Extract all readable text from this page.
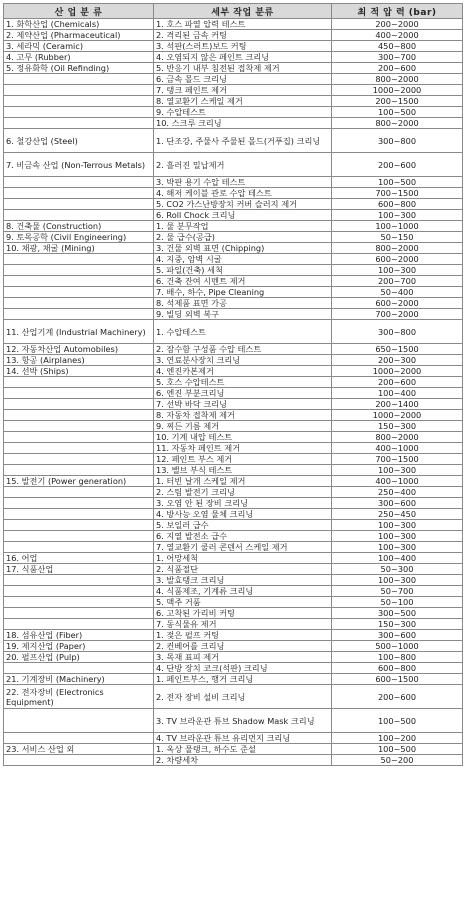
산 업 분 류	세부 작업 분류	최 적 압 력 (bar)
1. 화학산업 (Chemicals)	1. 호스 파열 압력 테스트	200~2000
2. 제약산업 (Pharmaceutical)	2. 격리된 금속 커팅	400~2000
3. 세라믹 (Ceramic)	3. 석판(스러트)보드 커팅	450~800
4. 고무 (Rubber)	4. 오염되지 않은 페인트 크리닝	300~700
5. 정유화학 (Oil Refinding)	5. 반응기 내부 침전된 접착제 제거	200~600
	6. 금속 몰드 크리닝	800~2000
	7. 탱크 페인트 제거	1000~2000
	8. 열교환기 스케일 제거	200~1500
	9. 수압테스트	100~500
	10. 스크루 크리닝	800~2000
6. 철강산업 (Steel)	1. 단조강, 주물사 주물된 몰드(거푸집) 크리닝	300~800
7. 비금속 산업 (Non-Terrous Metals)	2. 흘러진 밀납제거	200~600
	3. 박판 용기 수압 테스트	100~500
	4. 해저 케이블 관로 수압 테스트	700~1500
	5. CO2 가스난방장치 커버 슬러지 제거	600~800
	6. Roll Chock 크리닝	100~300
8. 건축물 (Construction)	1. 물 분무작업	100~1000
9. 토목공학 (Civil Engineering)	2. 물 급수(공급)	50~150
10. 채광, 채굴 (Mining)	3. 건물 외벽 표면 (Chipping)	800~2000
	4. 지중, 암벽 시굴	600~2000
	5. 파일(건축) 세척	100~300
	6. 건축 잔여 시멘트 제거	200~700
	7. 배수, 하수, Pipe Cleaning	50~400
	8. 석제품 표면 가공	600~2000
	9. 빌딩 외벽 복구	700~2000
11. 산업기계 (Industrial Machinery)	1. 수압테스트	300~800
12. 자동차산업 Automobiles)	2. 잠수함 구성품 수압 테스트	650~1500
13. 항공 (Airplanes)	3. 연료분사장치 크리닝	200~300
14. 선박 (Ships)	4. 엔진카본제거	1000~2000
	5. 호스 수압테스트	200~600
	6. 엔진 부분크리닝	100~400
	7. 선박 바닥 크리닝	200~1400
	8. 자동차 접착제 제거	1000~2000
	9. 찌든 기름 제거	150~300
	10. 기계 내압 테스트	800~2000
	11. 자동차 페인트 제거	400~1000
	12. 페인트 부스 제거	700~1500
	13. 밸브 부식 테스트	100~300
15. 발전기 (Power generation)	1. 터빈 날개 스케일 제거	400~1000
	2. 스팀 발전기 크리닝	250~400
	3. 오염 안 된 장비 크리닝	300~600
	4. 방사능 오염 물체 크리닝	250~450
	5. 보일러 급수	100~300
	6. 지열 발전소 급수	100~300
	7. 열교환기 쿨러 콘덴서 스케일 제거	100~300
16. 어업	1. 어망세척	100~400
17. 식품산업	2. 식품절단	50~300
	3. 발효탱크 크리닝	100~300
	4. 식품제조, 기계류 크리닝	50~700
	5. 맥주 거품	50~100
	6. 고착된 가리비 커팅	300~500
	7. 동식물유 제거	150~300
18. 섬유산업 (Fiber)	1. 젖은 펄프 커팅	300~600
19. 제지산업 (Paper)	2. 컨베어를 크리닝	500~1000
20. 펄프산업 (Pulp)	3. 목재 표피 제거	100~800
	4. 단방 장치 코크(석판) 크리닝	600~800
21. 기계장비 (Machinery)	1. 페인트부스, 행거 크리닝	600~1500
22. 전자장비 (Electronics Equipment)	2. 전자 장비 설비 크리닝	200~600
	3. TV 브라운관 튜브 Shadow Mask 크리닝	100~500
	4. TV 브라운관 튜브 유리먼지 크리닝	100~200
23. 서비스 산업 외	1. 옥상 물탱크, 하수도 준설	100~500
	2. 차량세차	50~200
